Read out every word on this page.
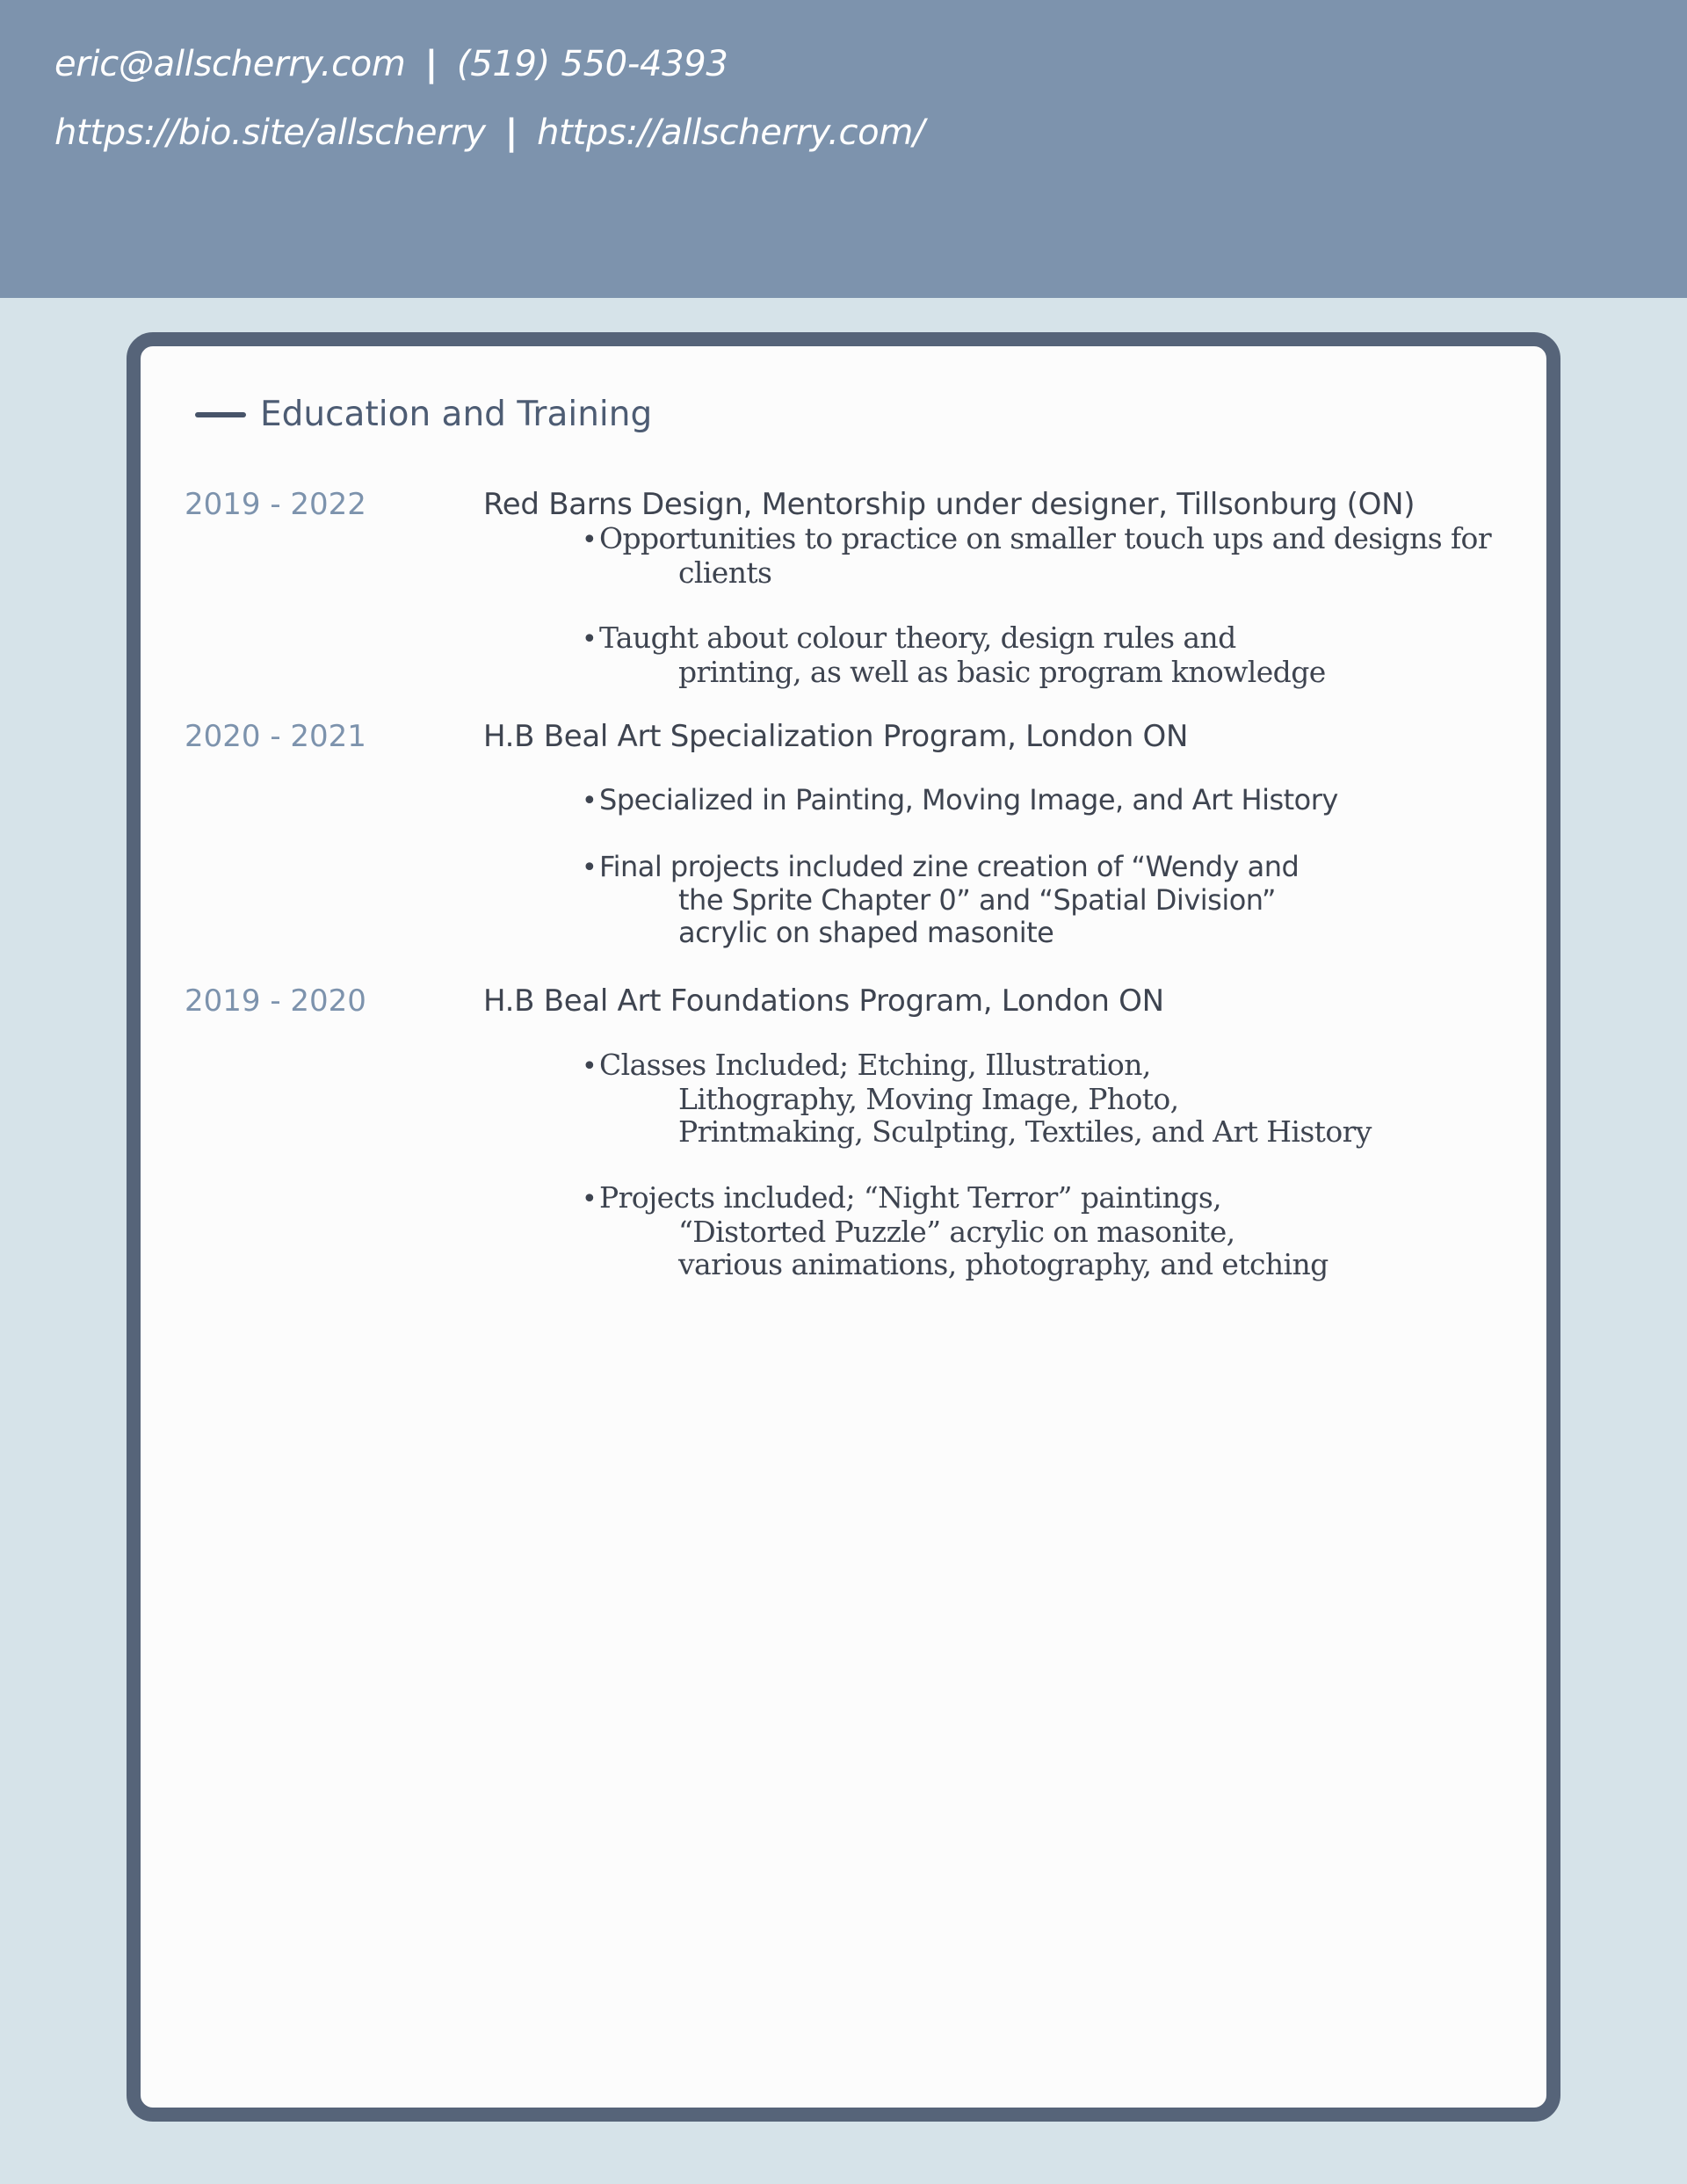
eric@allscherry.com | (519) 550-4393
https://bio.site/allscherry | https://allscherry.com/
Education and Training
2019 - 2022	Red Barns Design, Mentorship under designer, Tillsonburg (ON)
•Opportunities to practice on smaller touch ups and designs for
clients
•Taught about colour theory, design rules and
printing, as well as basic program knowledge
2020 - 2021	H.B Beal Art Specialization Program, London ON
•Specialized in Painting, Moving Image, and Art History
•Final projects included zine creation of “Wendy and
the Sprite Chapter 0” and “Spatial Division”
acrylic on shaped masonite
2019 - 2020	H.B Beal Art Foundations Program, London ON
•Classes Included; Etching, Illustration,
Lithography, Moving Image, Photo,
Printmaking, Sculpting, Textiles, and Art History
•Projects included; “Night Terror” paintings,
“Distorted Puzzle” acrylic on masonite,
various animations, photography, and etching
